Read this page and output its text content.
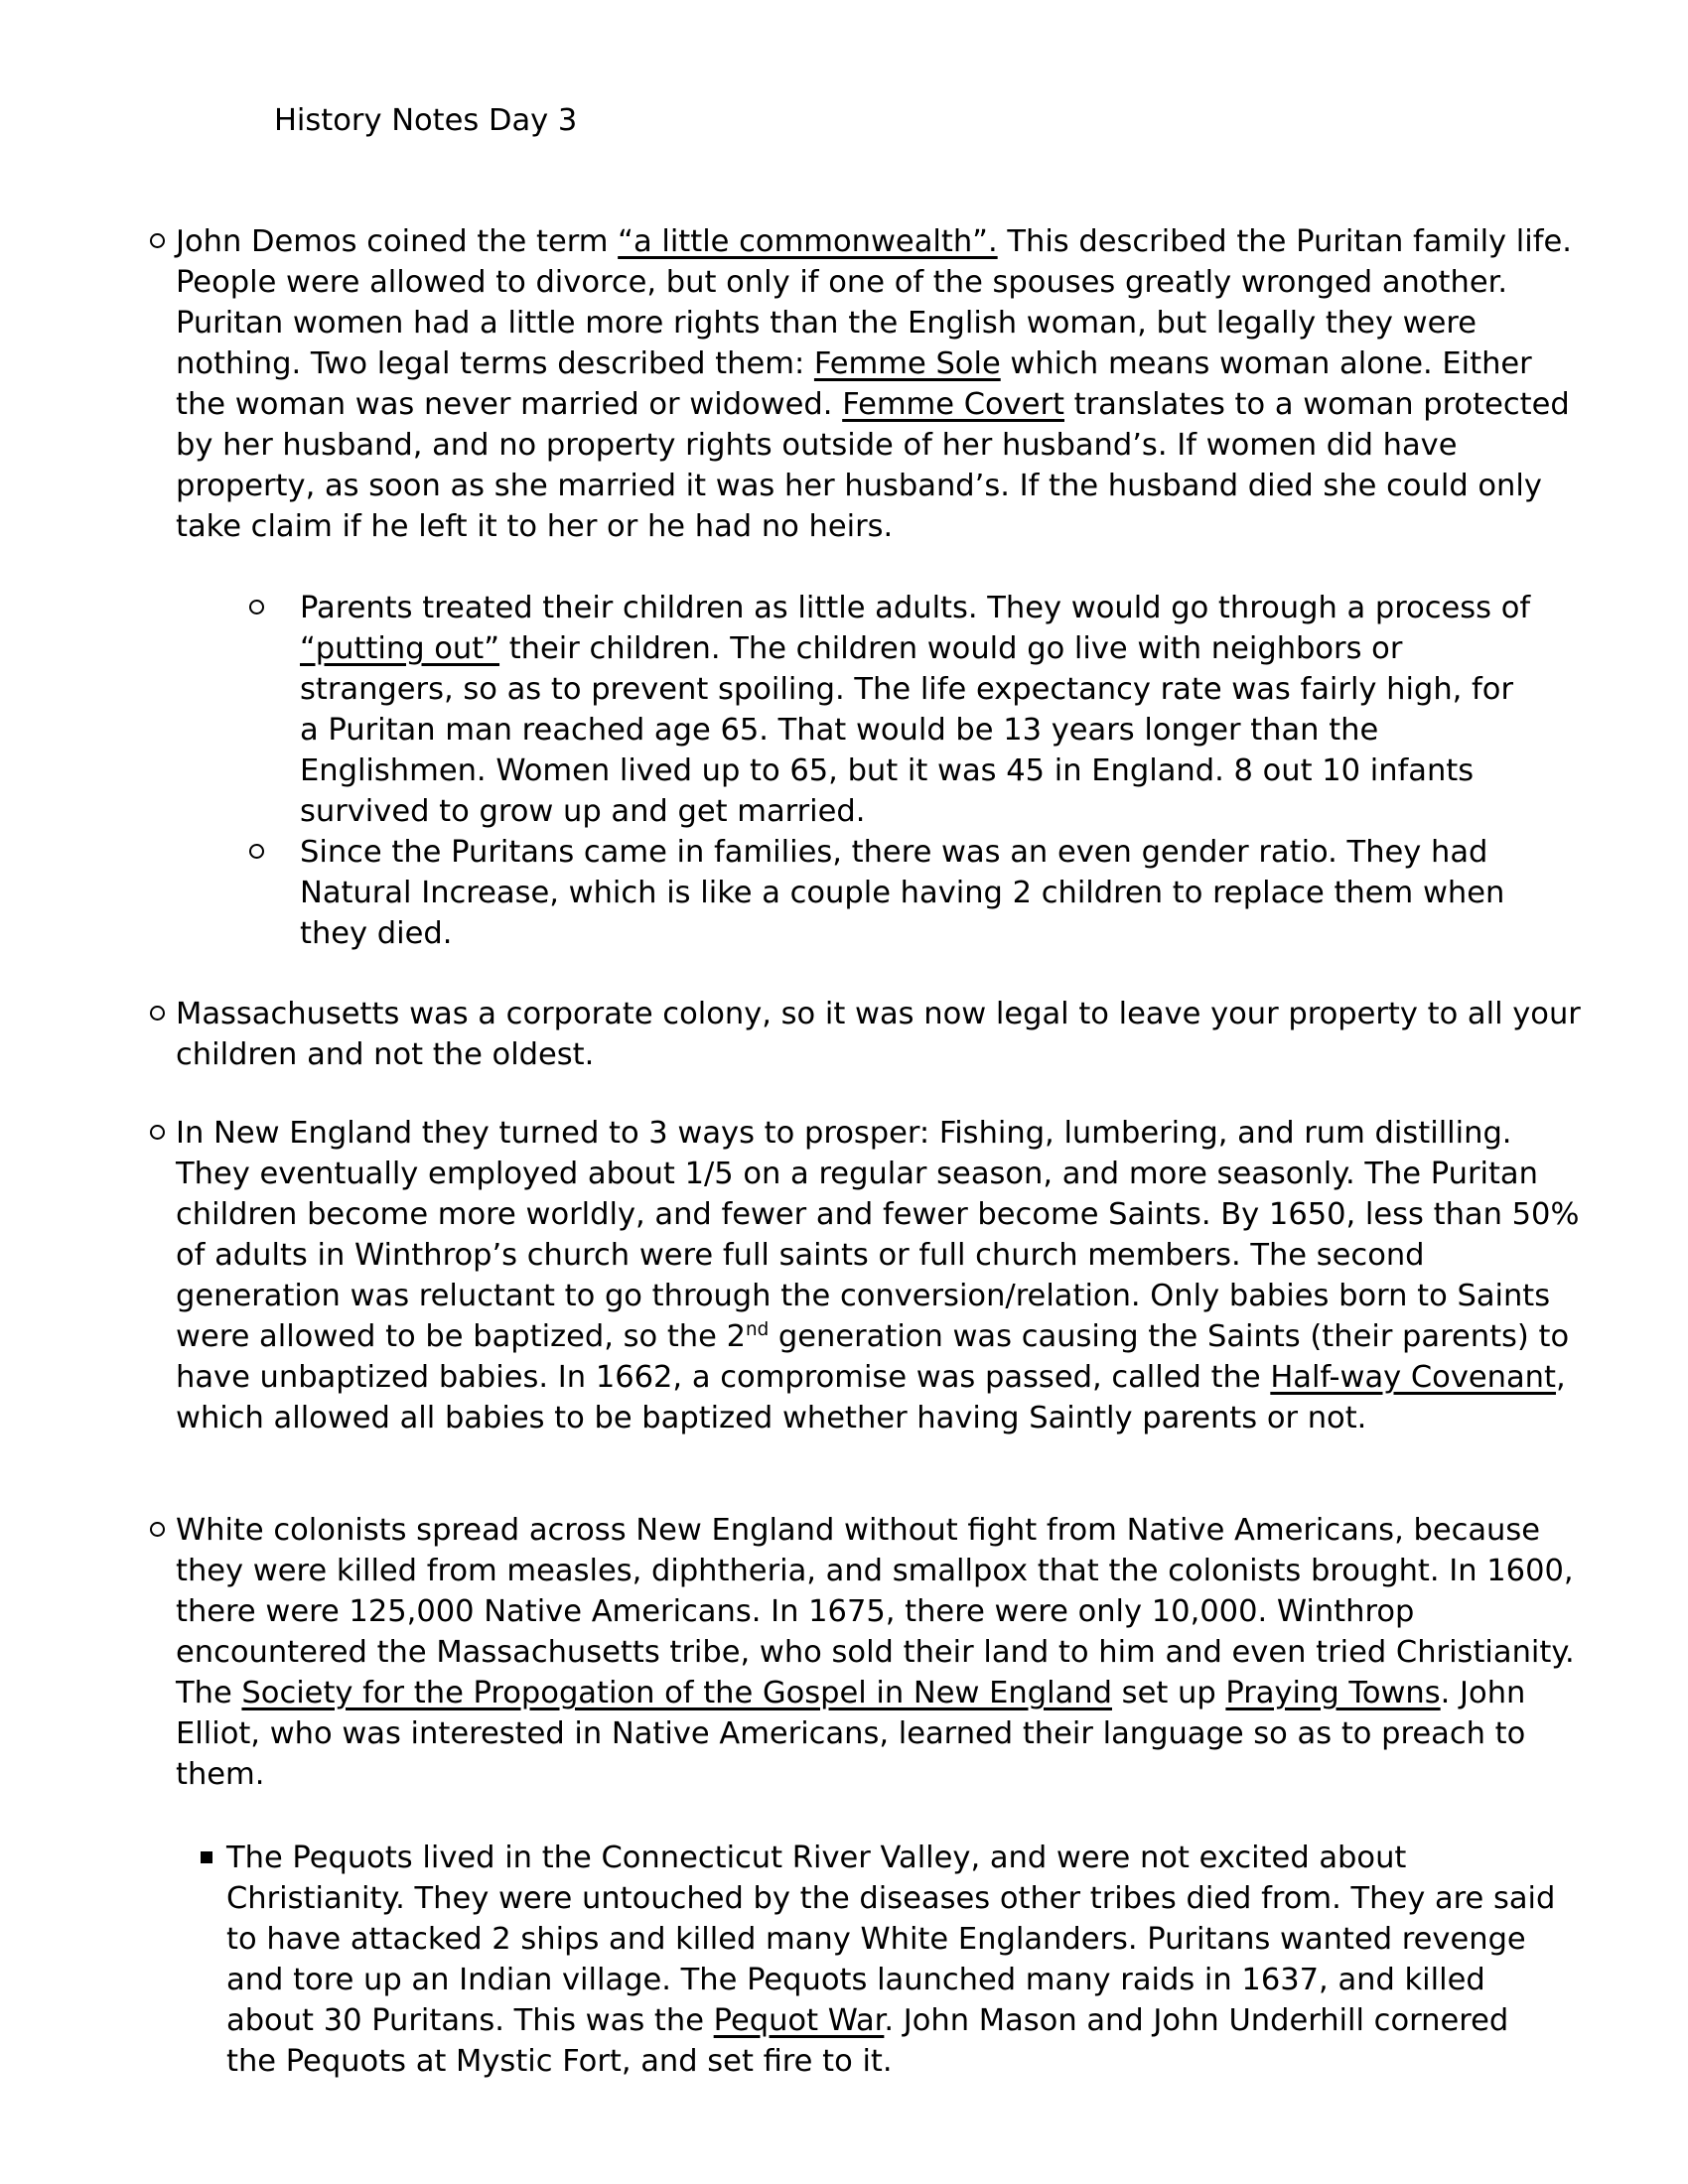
History Notes Day 3
John Demos coined the term “a little commonwealth”. This described the Puritan family life. People were allowed to divorce, but only if one of the spouses greatly wronged another. Puritan women had a little more rights than the English woman, but legally they were nothing. Two legal terms described them: Femme Sole which means woman alone. Either the woman was never married or widowed. Femme Covert translates to a woman protected by her husband, and no property rights outside of her husband’s. If women did have property, as soon as she married it was her husband’s. If the husband died she could only take claim if he left it to her or he had no heirs.
Parents treated their children as little adults. They would go through a process of “putting out” their children. The children would go live with neighbors or strangers, so as to prevent spoiling. The life expectancy rate was fairly high, for a Puritan man reached age 65. That would be 13 years longer than the Englishmen. Women lived up to 65, but it was 45 in England. 8 out 10 infants survived to grow up and get married.
Since the Puritans came in families, there was an even gender ratio. They had Natural Increase, which is like a couple having 2 children to replace them when they died.
Massachusetts was a corporate colony, so it was now legal to leave your property to all your children and not the oldest.
In New England they turned to 3 ways to prosper: Fishing, lumbering, and rum distilling. They eventually employed about 1/5 on a regular season, and more seasonly. The Puritan children become more worldly, and fewer and fewer become Saints. By 1650, less than 50% of adults in Winthrop’s church were full saints or full church members. The second generation was reluctant to go through the conversion/relation. Only babies born to Saints were allowed to be baptized, so the 2nd generation was causing the Saints (their parents) to have unbaptized babies. In 1662, a compromise was passed, called the Half-way Covenant, which allowed all babies to be baptized whether having Saintly parents or not.
White colonists spread across New England without fight from Native Americans, because they were killed from measles, diphtheria, and smallpox that the colonists brought. In 1600, there were 125,000 Native Americans. In 1675, there were only 10,000. Winthrop encountered the Massachusetts tribe, who sold their land to him and even tried Christianity. The Society for the Propogation of the Gospel in New England set up Praying Towns. John Elliot, who was interested in Native Americans, learned their language so as to preach to them.
The Pequots lived in the Connecticut River Valley, and were not excited about Christianity. They were untouched by the diseases other tribes died from. They are said to have attacked 2 ships and killed many White Englanders. Puritans wanted revenge and tore up an Indian village. The Pequots launched many raids in 1637, and killed about 30 Puritans. This was the Pequot War. John Mason and John Underhill cornered the Pequots at Mystic Fort, and set fire to it.
